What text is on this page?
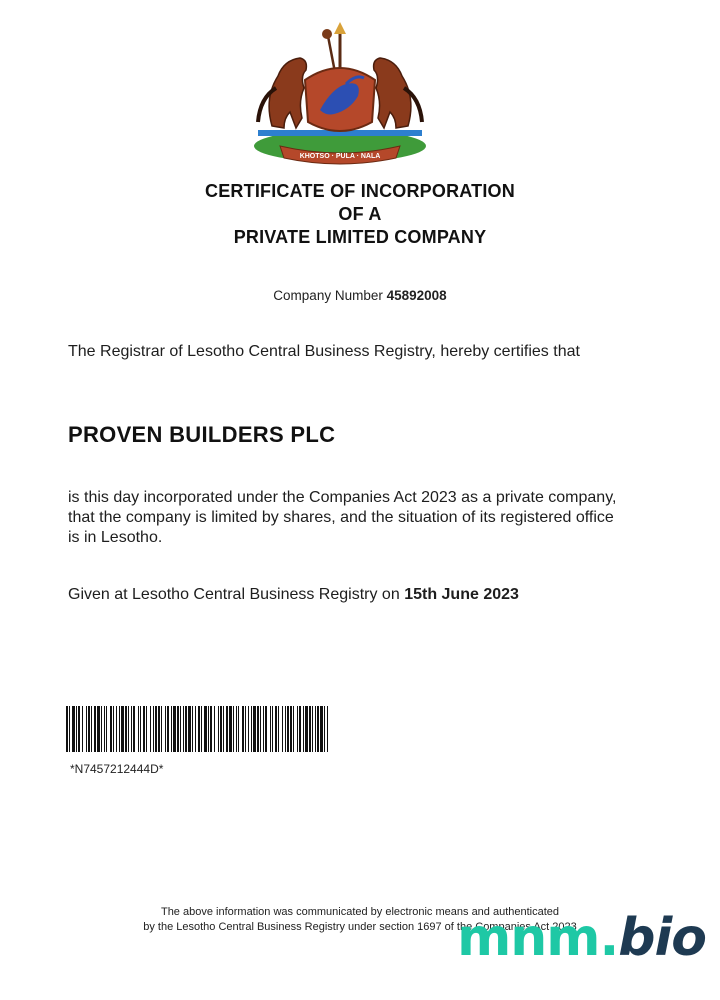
KHOTSO · PULA · NALA
CERTIFICATE OF INCORPORATION
OF A
PRIVATE LIMITED COMPANY
Company Number 45892008
The Registrar of Lesotho Central Business Registry, hereby certifies that
PROVEN BUILDERS PLC
is this day incorporated under the Companies Act 2023 as a private company, that the company is limited by shares, and the situation of its registered office is in Lesotho.
Given at Lesotho Central Business Registry on 15th June 2023
*N7457212444D*
The above information was communicated by electronic means and authenticated
by the Lesotho Central Business Registry under section 1697 of the Companies Act 2023
mnm.bio
